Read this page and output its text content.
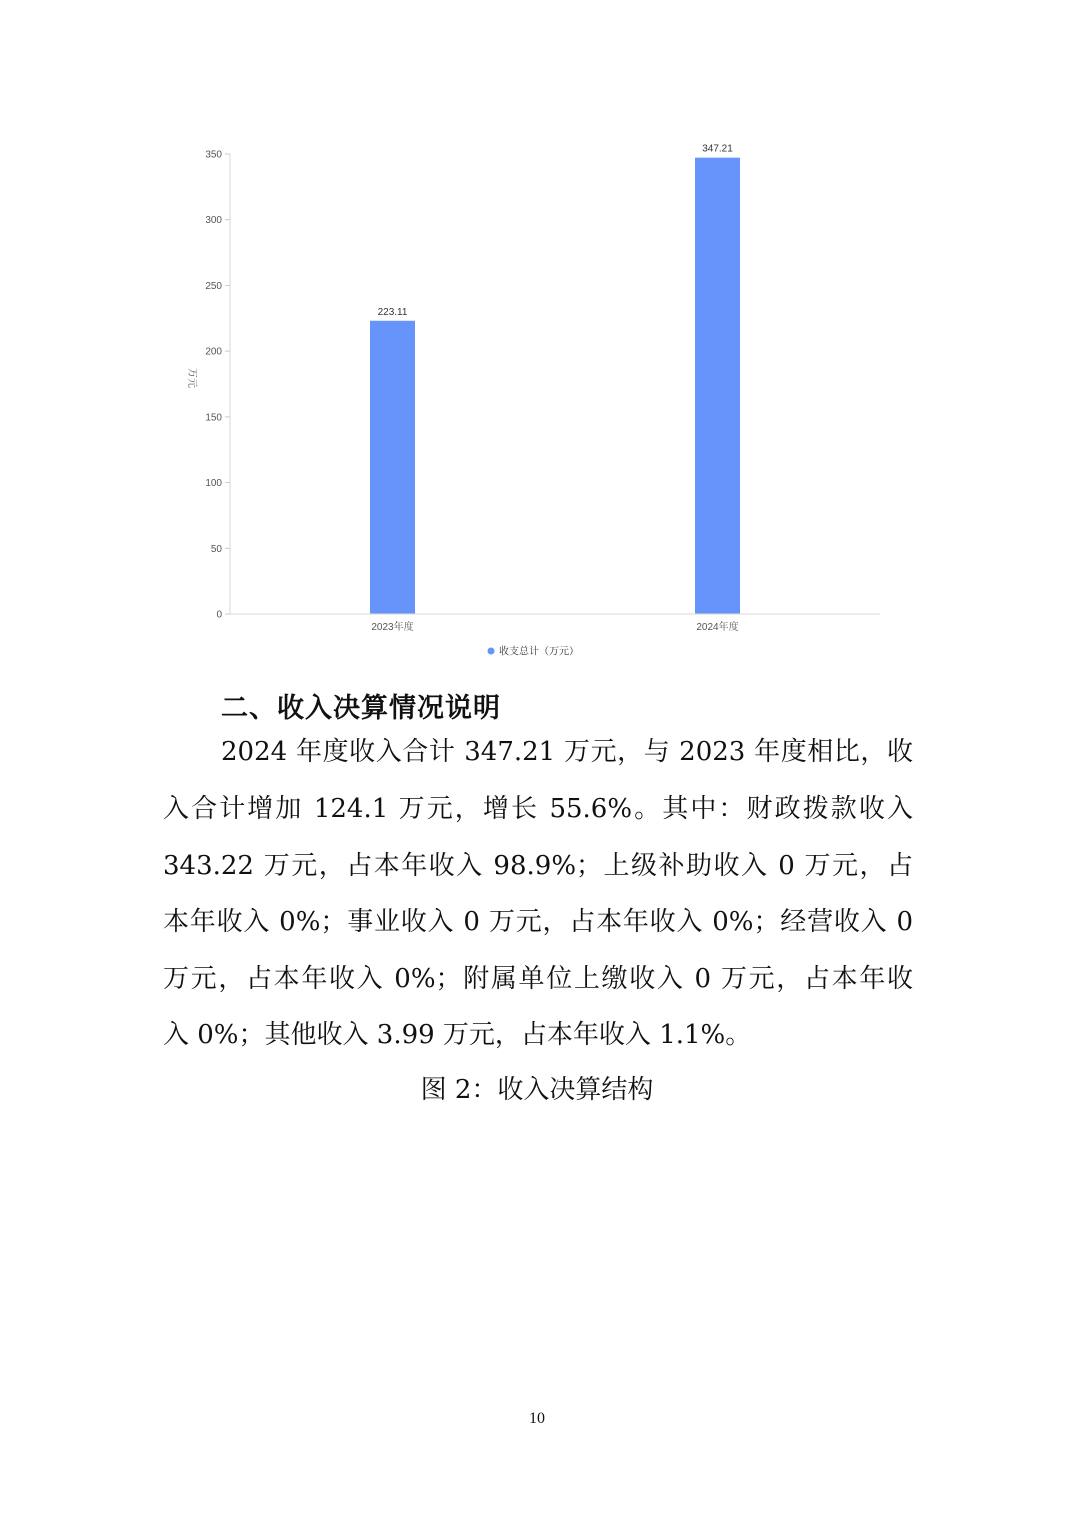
0
50
100
150
200
250
300
350
223.11
347.21
2023年度	2024年度
万元
收支总计（万元）
二、收入决算情况说明
2024 年度收入合计 347.21 万元，与 2023 年度相比，收
入合计增加 124.1 万元，增长 55.6%。其中：财政拨款收入
343.22 万元，占本年收入 98.9%；上级补助收入 0 万元，占
本年收入 0%；事业收入 0 万元，占本年收入 0%；经营收入 0
万元，占本年收入 0%；附属单位上缴收入 0 万元，占本年收
入 0%；其他收入 3.99 万元，占本年收入 1.1%。
图 2：收入决算结构
10
